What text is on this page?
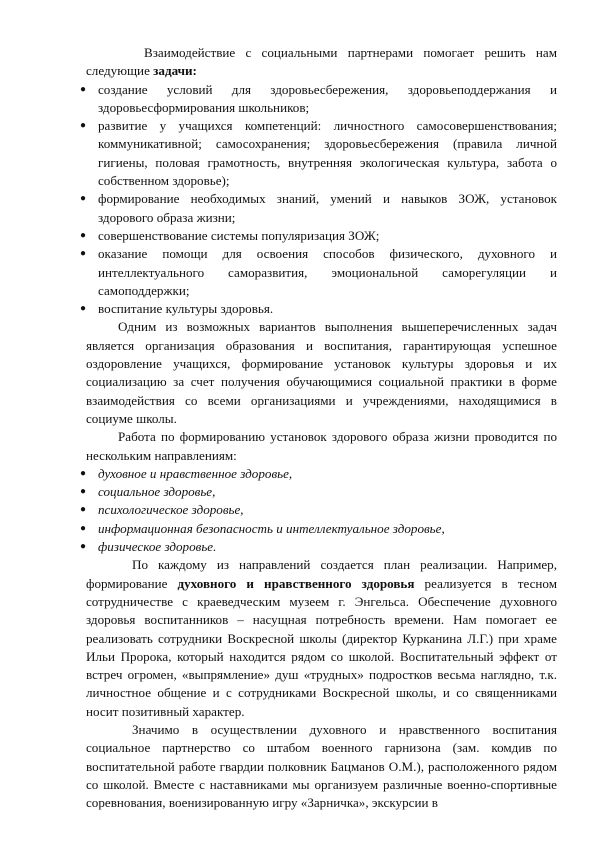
Взаимодействие с социальными партнерами помогает решить нам следующие задачи:

● создание условий для здоровьесбережения, здоровьеподдержания и здоровьесформирования школьников;
● развитие у учащихся компетенций: личностного самосовершенствования; коммуникативной; самосохранения; здоровьесбережения (правила личной гигиены, половая грамотность, внутренняя экологическая культура, забота о собственном здоровье);
● формирование необходимых знаний, умений и навыков ЗОЖ, установок здорового образа жизни;
● совершенствование системы популяризация ЗОЖ;
● оказание помощи для освоения способов физического, духовного и интеллектуального саморазвития, эмоциональной саморегуляции и самоподдержки;
● воспитание культуры здоровья.

Одним из возможных вариантов выполнения вышеперечисленных задач является организация образования и воспитания, гарантирующая успешное оздоровление учащихся, формирование установок культуры здоровья и их социализацию за счет получения обучающимися социальной практики в форме взаимодействия со всеми организациями и учреждениями, находящимися в социуме школы.

Работа по формированию установок здорового образа жизни проводится по нескольким направлениям:

● духовное и нравственное здоровье,
● социальное здоровье,
● психологическое здоровье,
● информационная безопасность и интеллектуальное здоровье,
● физическое здоровье.

По каждому из направлений создается план реализации. Например, формирование духовного и нравственного здоровья реализуется в тесном сотрудничестве с краеведческим музеем г. Энгельса. Обеспечение духовного здоровья воспитанников – насущная потребность времени. Нам помогает ее реализовать сотрудники Воскресной школы (директор Курканина Л.Г.) при храме Ильи Пророка, который находится рядом со школой. Воспитательный эффект от встреч огромен, «выпрямление» душ «трудных» подростков весьма наглядно, т.к. личностное общение и с сотрудниками Воскресной школы, и со священниками носит позитивный характер.

Значимо в осуществлении духовного и нравственного воспитания социальное партнерство со штабом военного гарнизона (зам. комдив по воспитательной работе гвардии полковник Бацманов О.М.), расположенного рядом со школой. Вместе с наставниками мы организуем различные военно-спортивные соревнования, военизированную игру «Зарничка», экскурсии в
